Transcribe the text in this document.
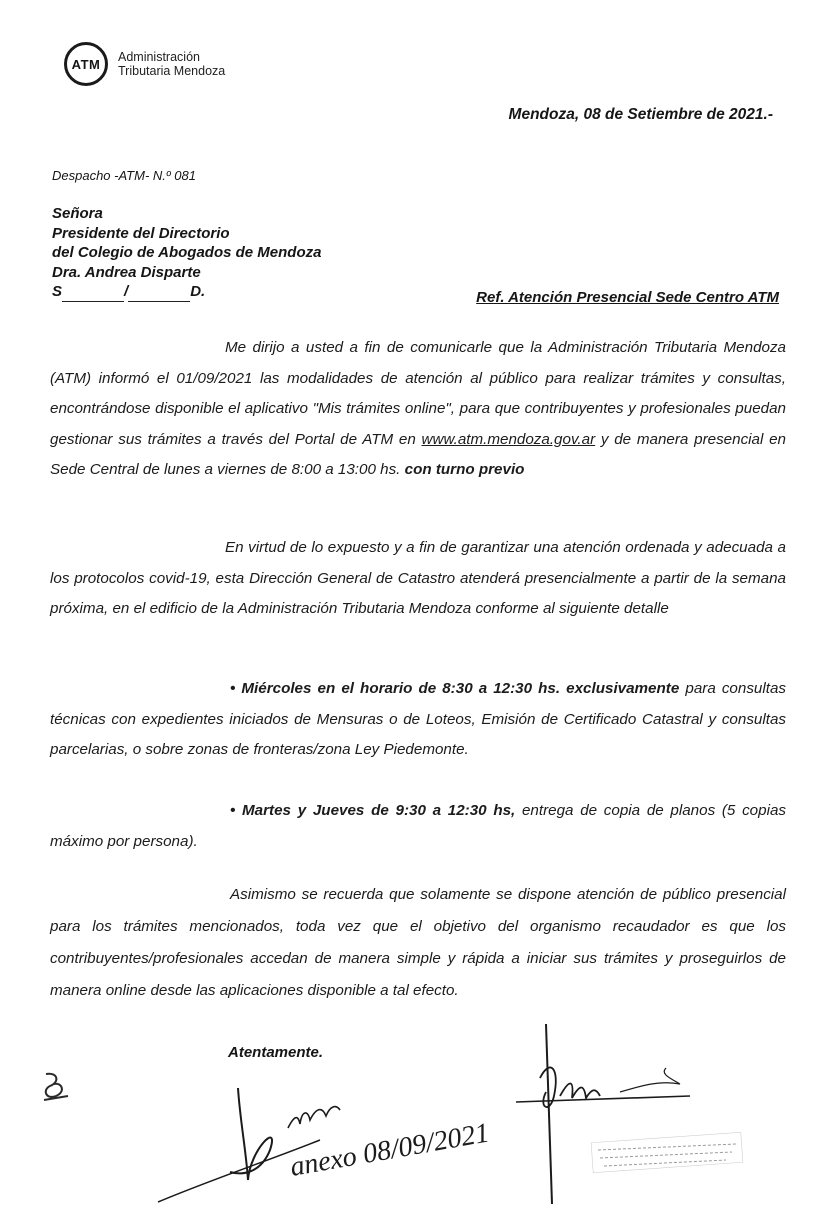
ATM	Administración
Tributaria Mendoza
Mendoza, 08 de Setiembre de 2021.-
Despacho -ATM- N.º 081
Señora
Presidente del Directorio
del Colegio de Abogados de Mendoza
Dra. Andrea Disparte
S	/	D.	Ref. Atención Presencial Sede Centro ATM
Me dirijo a usted a fin de comunicarle que la Administración Tributaria Mendoza (ATM) informó el 01/09/2021 las modalidades de atención al público para realizar trámites y consultas, encontrándose disponible el aplicativo "Mis trámites online", para que contribuyentes y profesionales puedan gestionar sus trámites a través del Portal de ATM en www.atm.mendoza.gov.ar y de manera presencial en Sede Central de lunes a viernes de 8:00 a 13:00 hs. con turno previo
En virtud de lo expuesto y a fin de garantizar una atención ordenada y adecuada a los protocolos covid-19, esta Dirección General de Catastro atenderá presencialmente a partir de la semana próxima, en el edificio de la Administración Tributaria Mendoza conforme al siguiente detalle
• Miércoles en el horario de 8:30 a 12:30 hs. exclusivamente para consultas técnicas con expedientes iniciados de Mensuras o de Loteos, Emisión de Certificado Catastral y consultas parcelarias, o sobre zonas de fronteras/zona Ley Piedemonte.
• Martes y Jueves de 9:30 a 12:30 hs, entrega de copia de planos (5 copias máximo por persona).
Asimismo se recuerda que solamente se dispone atención de público presencial para los trámites mencionados, toda vez que el objetivo del organismo recaudador es que los contribuyentes/profesionales accedan de manera simple y rápida a iniciar sus trámites y proseguirlos de manera online desde las aplicaciones disponible a tal efecto.
Atentamente.
anexo 08/09/2021
